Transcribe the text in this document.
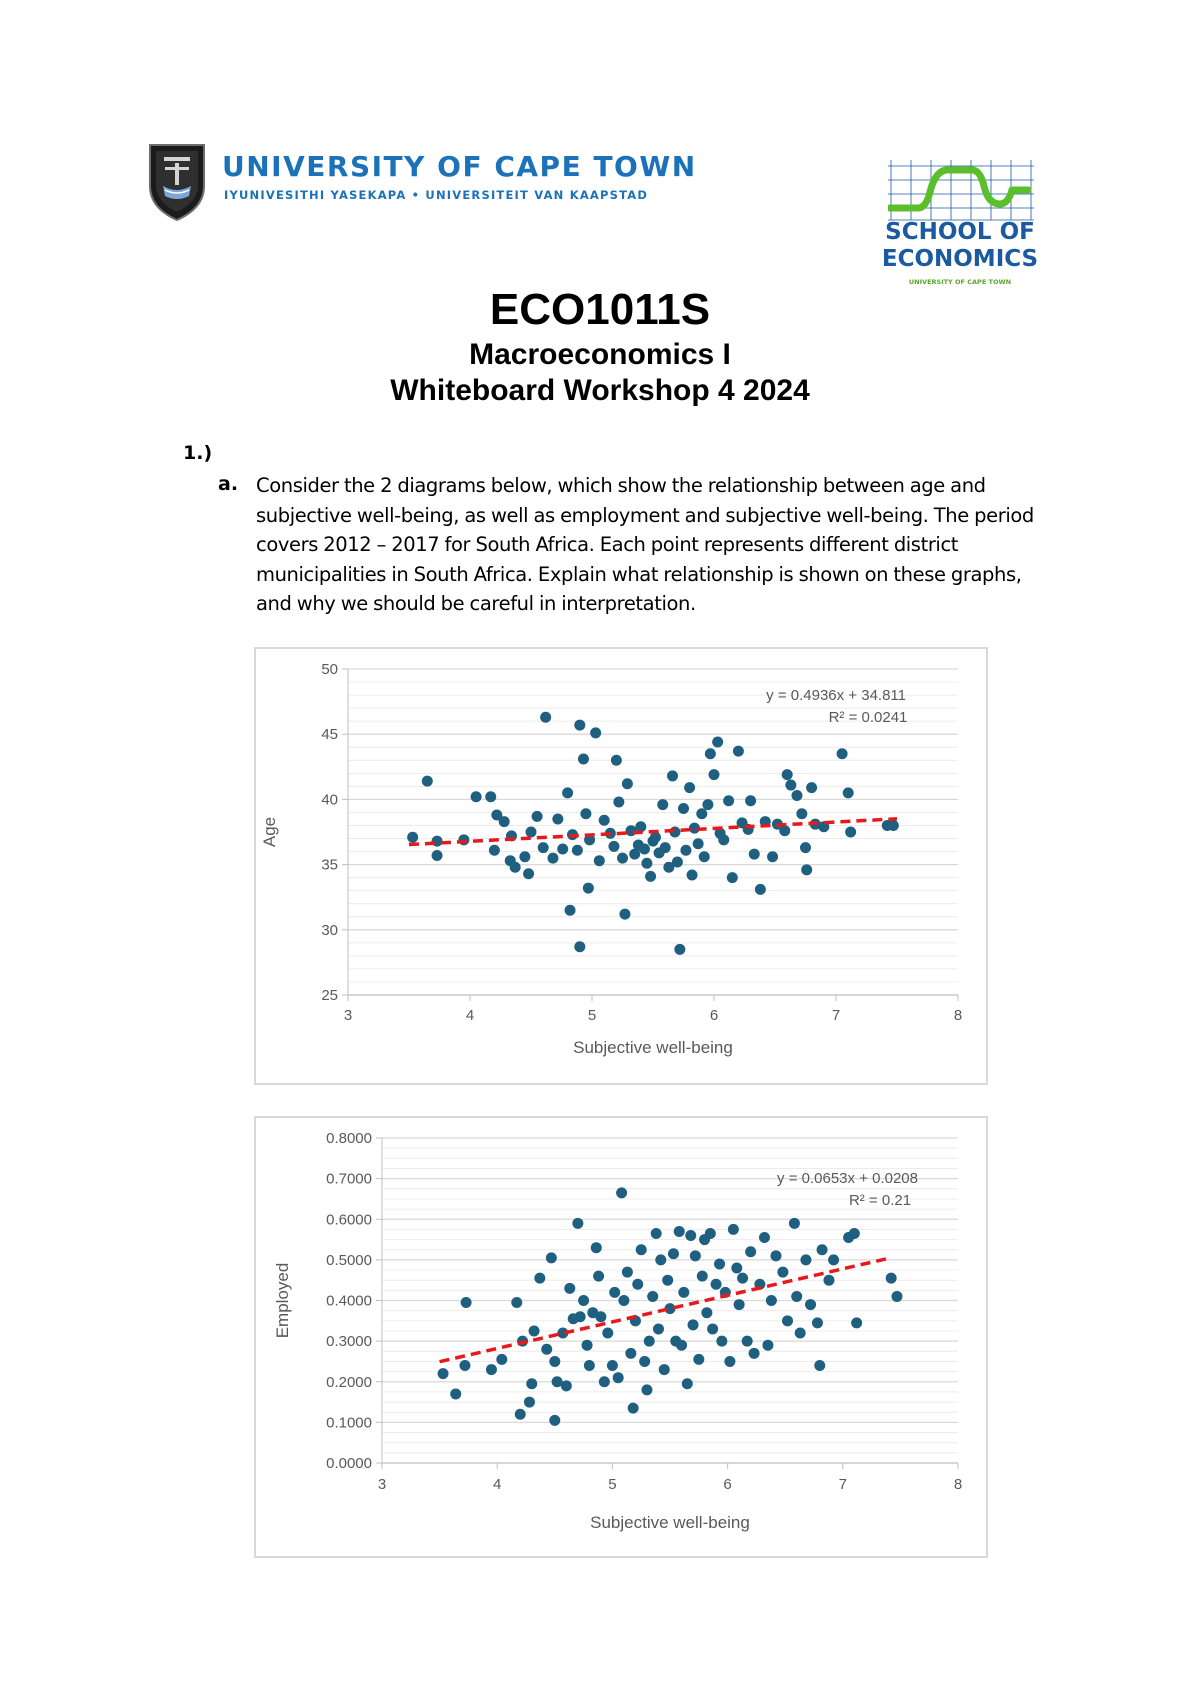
UNIVERSITY OF CAPE TOWN
IYUNIVESITHI YASEKAPA • UNIVERSITEIT VAN KAAPSTAD
SCHOOL OF
ECONOMICS
UNIVERSITY OF CAPE TOWN
ECO1011S
Macroeconomics I
Whiteboard Workshop 4 2024
1.)
a. Consider the 2 diagrams below, which show the relationship between age and subjective well-being, as well as employment and subjective well-being. The period covers 2012 – 2017 for South Africa. Each point represents different district municipalities in South Africa. Explain what relationship is shown on these graphs, and why we should be careful in interpretation.
25
30
35
40
45
50
3	4	5	6	7	8
Subjective well-being
Age
y = 0.4936x + 34.811
R² = 0.0241
0.0000
0.1000
0.2000
0.3000
0.4000
0.5000
0.6000
0.7000
0.8000
3	4	5	6	7	8
Subjective well-being
Employed
y = 0.0653x + 0.0208
R² = 0.21
